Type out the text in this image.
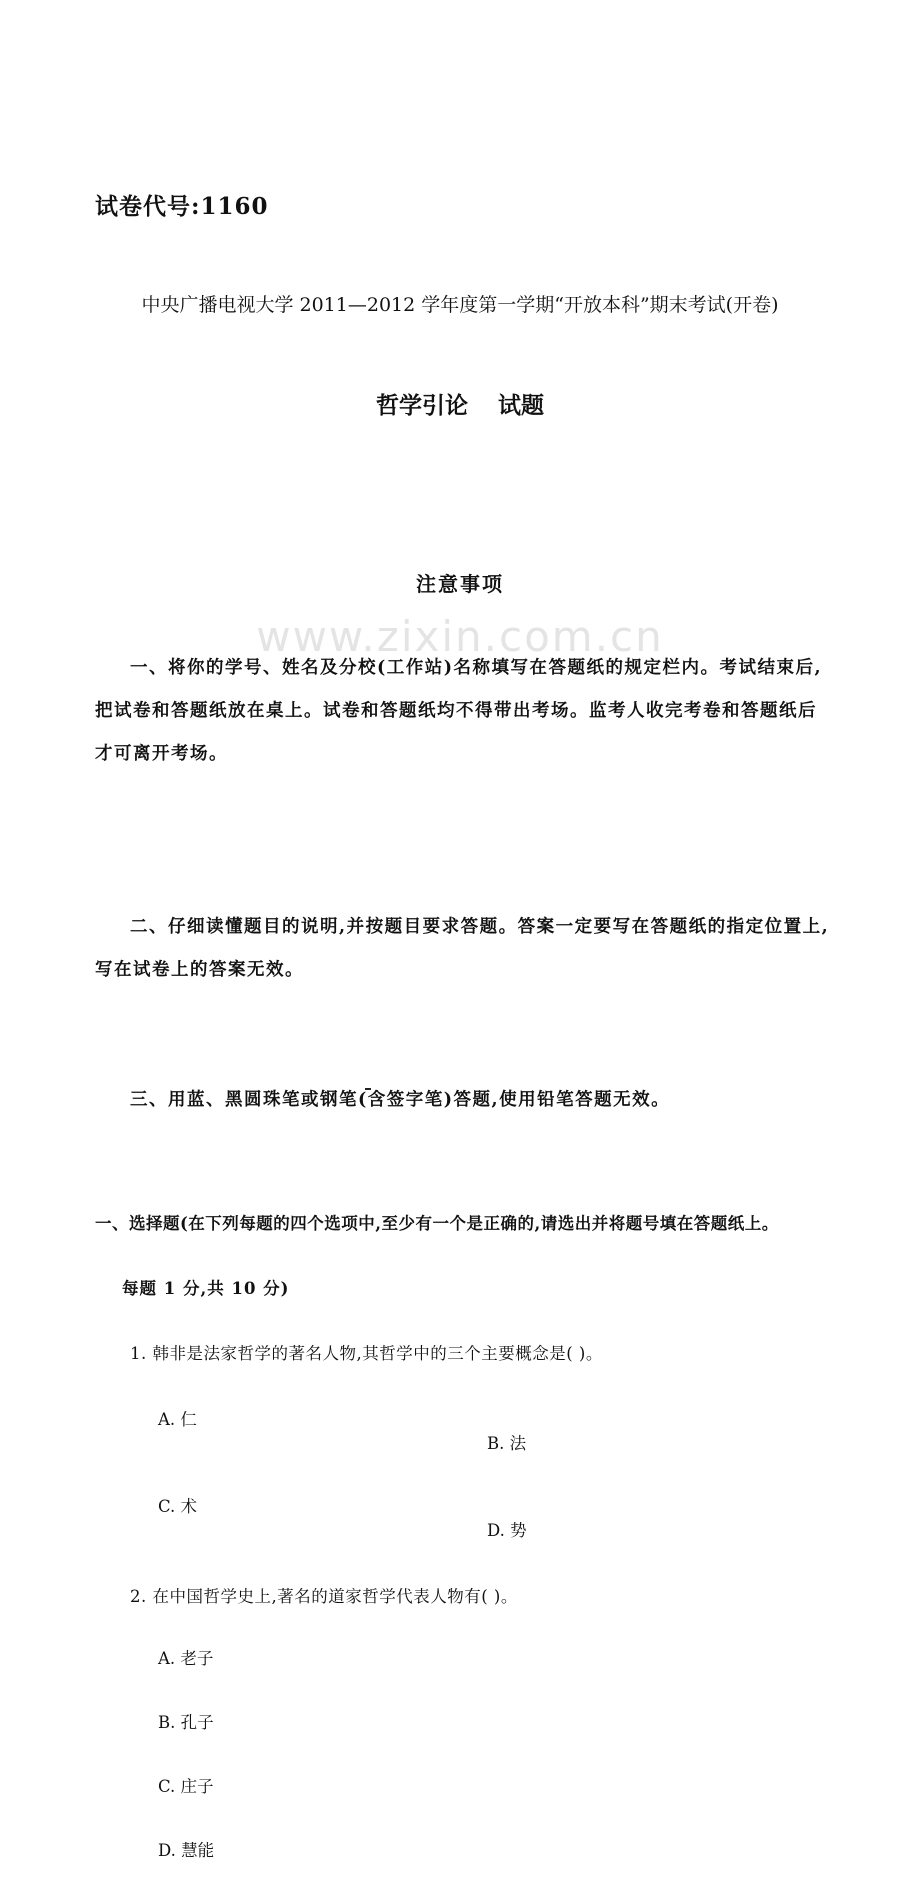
www.zixin.com.cn
试卷代号:1160
中央广播电视大学 2011—2012 学年度第一学期“开放本科”期末考试(开卷)
哲学引论 试题
注意事项
一、将你的学号、姓名及分校(工作站)名称填写在答题纸的规定栏内。考试结束后,把试卷和答题纸放在桌上。试卷和答题纸均不得带出考场。监考人收完考卷和答题纸后才可离开考场。
二、仔细读懂题目的说明,并按题目要求答题。答案一定要写在答题纸的指定位置上,写在试卷上的答案无效。
三、用蓝、黑圆珠笔或钢笔(含签字笔)答题,使用铅笔答题无效。
一、选择题(在下列每题的四个选项中,至少有一个是正确的,请选出并将题号填在答题纸上。
每题 1 分,共 10 分)
1. 韩非是法家哲学的著名人物,其哲学中的三个主要概念是( )。
A. 仁
B. 法
C. 术
D. 势
2. 在中国哲学史上,著名的道家哲学代表人物有( )。
A. 老子
B. 孔子
C. 庄子
D. 慧能
